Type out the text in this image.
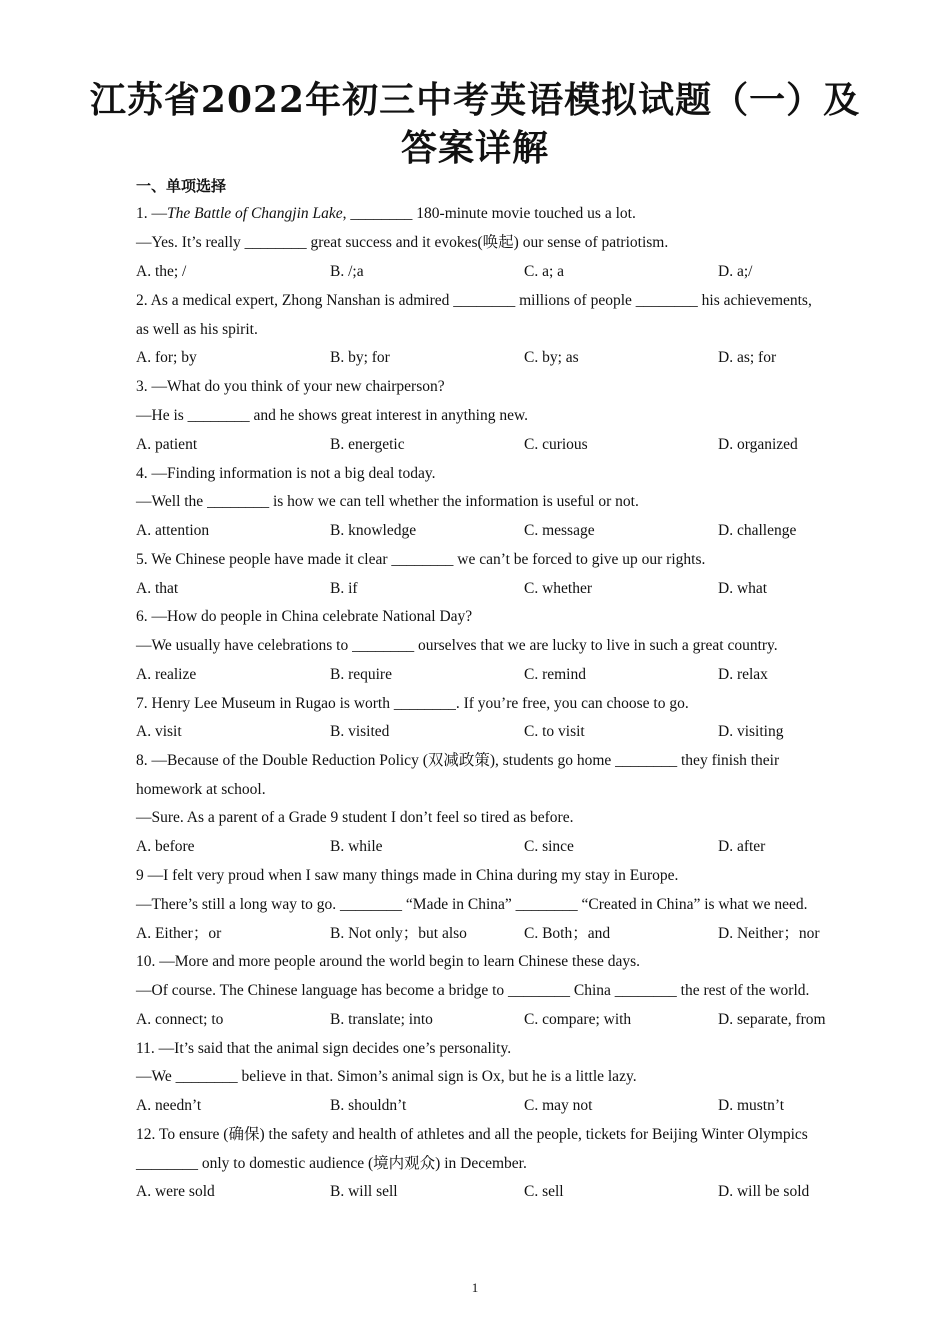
江苏省2022年初三中考英语模拟试题（一）及
答案详解
一、单项选择
1. —The Battle of Changjin Lake, ________ 180-minute movie touched us a lot.
—Yes. It’s really ________ great success and it evokes(唤起) our sense of patriotism.
A. the; /	B. /;a	C. a; a	D. a;/
2. As a medical expert, Zhong Nanshan is admired ________ millions of people ________ his achievements,
as well as his spirit.
A. for; by	B. by; for	C. by; as	D. as; for
3. —What do you think of your new chairperson?
—He is ________ and he shows great interest in anything new.
A. patient	B. energetic	C. curious	D. organized
4. —Finding information is not a big deal today.
—Well the ________ is how we can tell whether the information is useful or not.
A. attention	B. knowledge	C. message	D. challenge
5. We Chinese people have made it clear ________ we can’t be forced to give up our rights.
A. that	B. if	C. whether	D. what
6. —How do people in China celebrate National Day?
—We usually have celebrations to ________ ourselves that we are lucky to live in such a great country.
A. realize	B. require	C. remind	D. relax
7. Henry Lee Museum in Rugao is worth ________. If you’re free, you can choose to go.
A. visit	B. visited	C. to visit	D. visiting
8. —Because of the Double Reduction Policy (双减政策), students go home ________ they finish their
homework at school.
—Sure. As a parent of a Grade 9 student I don’t feel so tired as before.
A. before	B. while	C. since	D. after
9 —I felt very proud when I saw many things made in China during my stay in Europe.
—There’s still a long way to go. ________ “Made in China” ________ “Created in China” is what we need.
A. Either；or	B. Not only；but also	C. Both；and	D. Neither；nor
10. —More and more people around the world begin to learn Chinese these days.
—Of course. The Chinese language has become a bridge to ________ China ________ the rest of the world.
A. connect; to	B. translate; into	C. compare; with	D. separate, from
11. —It’s said that the animal sign decides one’s personality.
—We ________ believe in that. Simon’s animal sign is Ox, but he is a little lazy.
A. needn’t	B. shouldn’t	C. may not	D. mustn’t
12. To ensure (确保) the safety and health of athletes and all the people, tickets for Beijing Winter Olympics
________ only to domestic audience (境内观众) in December.
A. were sold	B. will sell	C. sell	D. will be sold
1
